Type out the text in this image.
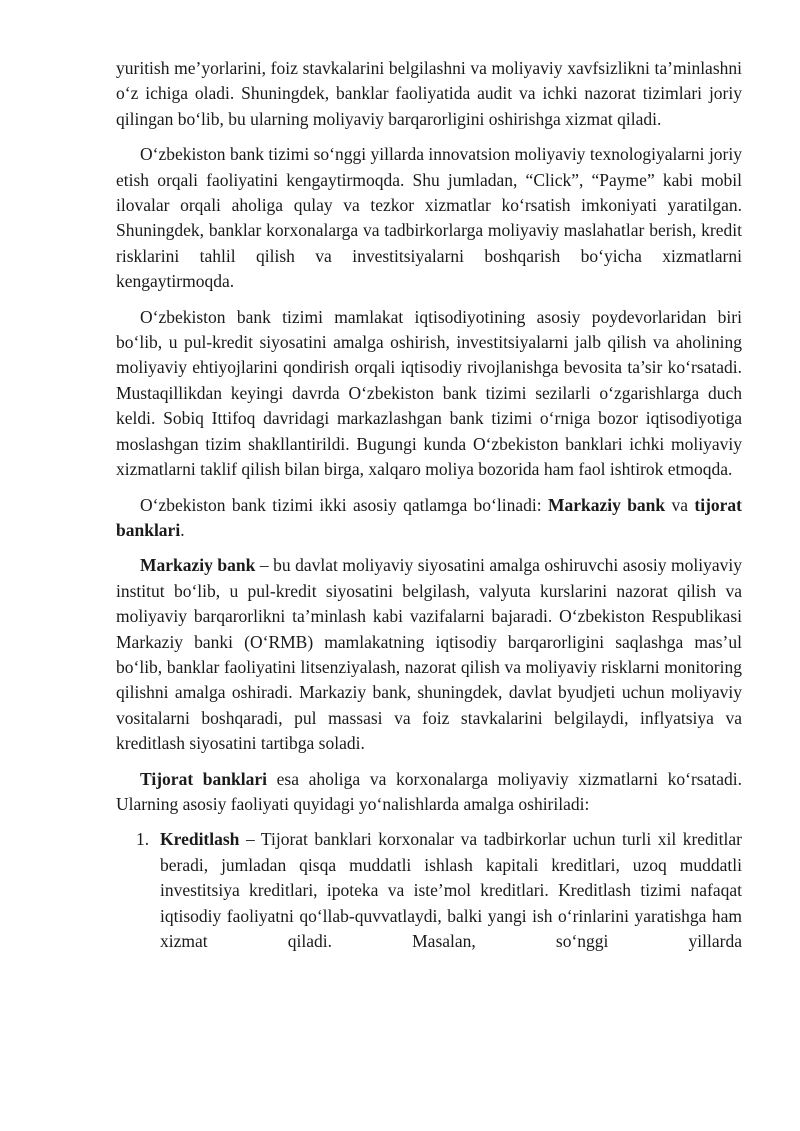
yuritish me’yorlarini, foiz stavkalarini belgilashni va moliyaviy xavfsizlikni ta’minlashni o‘z ichiga oladi. Shuningdek, banklar faoliyatida audit va ichki nazorat tizimlari joriy qilingan bo‘lib, bu ularning moliyaviy barqarorligini oshirishga xizmat qiladi.

O‘zbekiston bank tizimi so‘nggi yillarda innovatsion moliyaviy texnologiyalarni joriy etish orqali faoliyatini kengaytirmoqda. Shu jumladan, “Click”, “Payme” kabi mobil ilovalar orqali aholiga qulay va tezkor xizmatlar ko‘rsatish imkoniyati yaratilgan. Shuningdek, banklar korxonalarga va tadbirkorlarga moliyaviy maslahatlar berish, kredit risklarini tahlil qilish va investitsiyalarni boshqarish bo‘yicha xizmatlarni kengaytirmoqda.

O‘zbekiston bank tizimi mamlakat iqtisodiyotining asosiy poydevorlaridan biri bo‘lib, u pul-kredit siyosatini amalga oshirish, investitsiyalarni jalb qilish va aholining moliyaviy ehtiyojlarini qondirish orqali iqtisodiy rivojlanishga bevosita ta’sir ko‘rsatadi. Mustaqillikdan keyingi davrda O‘zbekiston bank tizimi sezilarli o‘zgarishlarga duch keldi. Sobiq Ittifoq davridagi markazlashgan bank tizimi o‘rniga bozor iqtisodiyotiga moslashgan tizim shakllantirildi. Bugungi kunda O‘zbekiston banklari ichki moliyaviy xizmatlarni taklif qilish bilan birga, xalqaro moliya bozorida ham faol ishtirok etmoqda.

O‘zbekiston bank tizimi ikki asosiy qatlamga bo‘linadi: Markaziy bank va tijorat banklari.

Markaziy bank – bu davlat moliyaviy siyosatini amalga oshiruvchi asosiy moliyaviy institut bo‘lib, u pul-kredit siyosatini belgilash, valyuta kurslarini nazorat qilish va moliyaviy barqarorlikni ta’minlash kabi vazifalarni bajaradi. O‘zbekiston Respublikasi Markaziy banki (O‘RMB) mamlakatning iqtisodiy barqarorligini saqlashga mas’ul bo‘lib, banklar faoliyatini litsenziyalash, nazorat qilish va moliyaviy risklarni monitoring qilishni amalga oshiradi. Markaziy bank, shuningdek, davlat byudjeti uchun moliyaviy vositalarni boshqaradi, pul massasi va foiz stavkalarini belgilaydi, inflyatsiya va kreditlash siyosatini tartibga soladi.

Tijorat banklari esa aholiga va korxonalarga moliyaviy xizmatlarni ko‘rsatadi. Ularning asosiy faoliyati quyidagi yo‘nalishlarda amalga oshiriladi:

1. Kreditlash – Tijorat banklari korxonalar va tadbirkorlar uchun turli xil kreditlar beradi, jumladan qisqa muddatli ishlash kapitali kreditlari, uzoq muddatli investitsiya kreditlari, ipoteka va iste’mol kreditlari. Kreditlash tizimi nafaqat iqtisodiy faoliyatni qo‘llab-quvvatlaydi, balki yangi ish o‘rinlarini yaratishga ham xizmat qiladi. Masalan, so‘nggi yillarda
